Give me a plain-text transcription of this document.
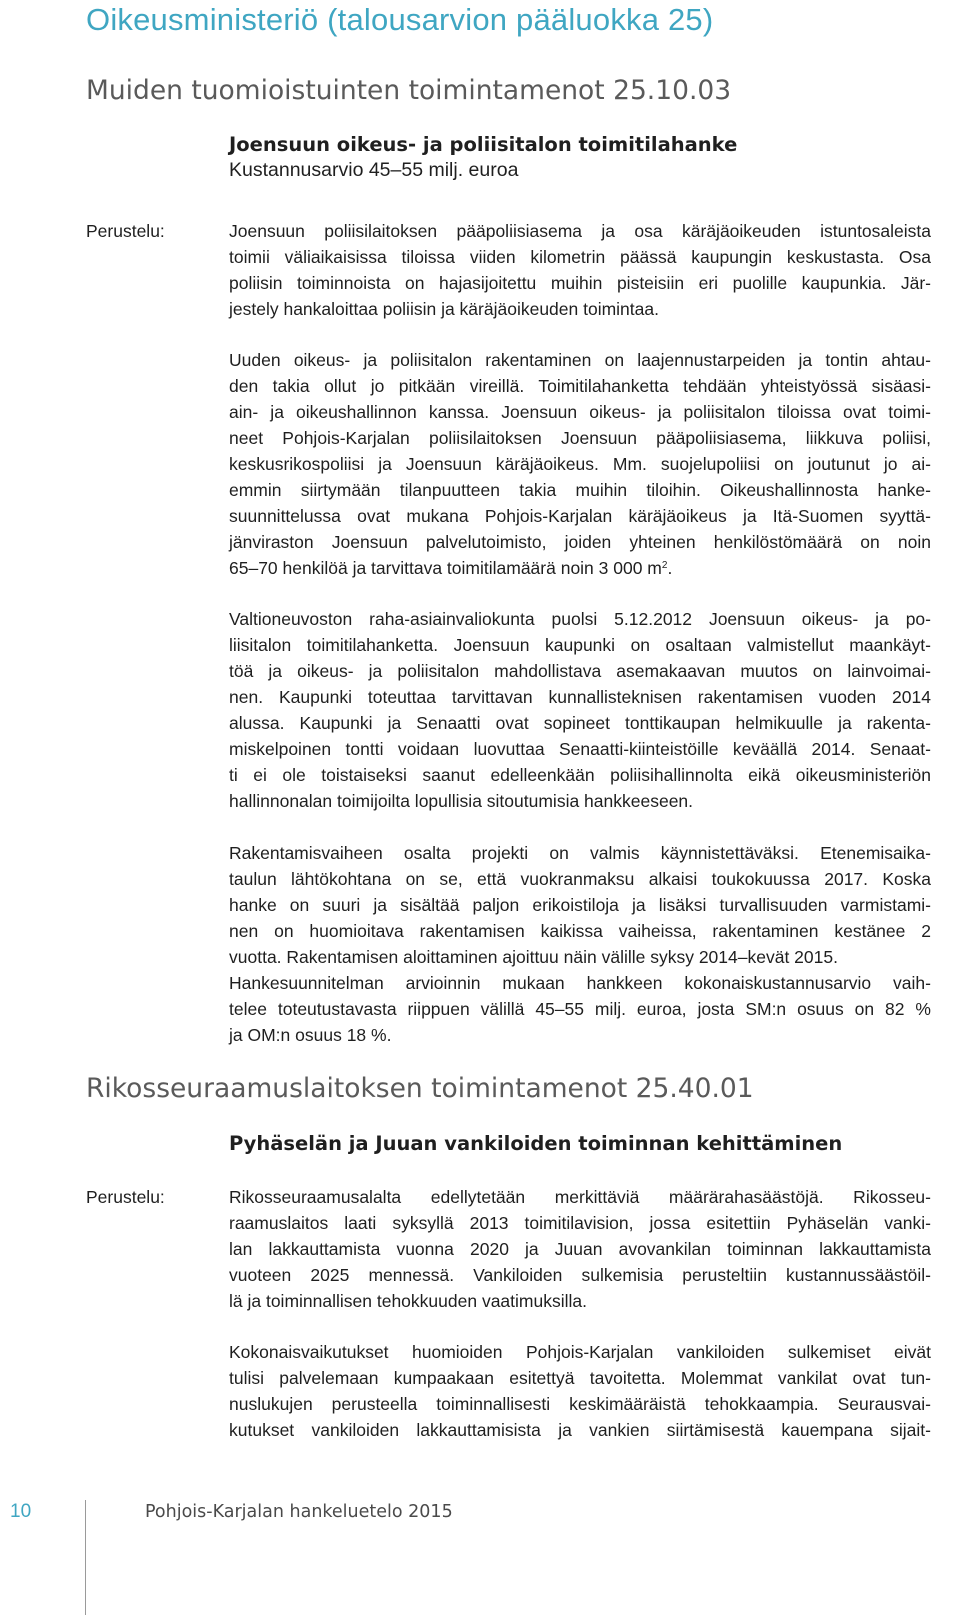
Oikeusministeriö (talousarvion pääluokka 25)
Muiden tuomioistuinten toimintamenot 25.10.03
Joensuun oikeus- ja poliisitalon toimitilahanke
Kustannusarvio 45–55 milj. euroa
Perustelu:	Joensuun poliisilaitoksen pääpoliisiasema ja osa käräjäoikeuden istuntosaleista
toimii väliaikaisissa tiloissa viiden kilometrin päässä kaupungin keskustasta. Osa
poliisin toiminnoista on hajasijoitettu muihin pisteisiin eri puolille kaupunkia. Jär-
jestely hankaloittaa poliisin ja käräjäoikeuden toimintaa.
Uuden oikeus- ja poliisitalon rakentaminen on laajennustarpeiden ja tontin ahtau-
den takia ollut jo pitkään vireillä. Toimitilahanketta tehdään yhteistyössä sisäasi-
ain- ja oikeushallinnon kanssa. Joensuun oikeus- ja poliisitalon tiloissa ovat toimi-
neet Pohjois-Karjalan poliisilaitoksen Joensuun pääpoliisiasema, liikkuva poliisi,
keskusrikospoliisi ja Joensuun käräjäoikeus. Mm. suojelupoliisi on joutunut jo ai-
emmin siirtymään tilanpuutteen takia muihin tiloihin. Oikeushallinnosta hanke-
suunnittelussa ovat mukana Pohjois-Karjalan käräjäoikeus ja Itä-Suomen syyttä-
jänviraston Joensuun palvelutoimisto, joiden yhteinen henkilöstömäärä on noin
65–70 henkilöä ja tarvittava toimitilamäärä noin 3 000 $m^2$.
Valtioneuvoston raha-asiainvaliokunta puolsi 5.12.2012 Joensuun oikeus- ja po-
liisitalon toimitilahanketta. Joensuun kaupunki on osaltaan valmistellut maankäyt-
töä ja oikeus- ja poliisitalon mahdollistava asemakaavan muutos on lainvoimai-
nen. Kaupunki toteuttaa tarvittavan kunnallisteknisen rakentamisen vuoden 2014
alussa. Kaupunki ja Senaatti ovat sopineet tonttikaupan helmikuulle ja rakenta-
miskelpoinen tontti voidaan luovuttaa Senaatti-kiinteistöille keväällä 2014. Senaat-
ti ei ole toistaiseksi saanut edelleenkään poliisihallinnolta eikä oikeusministeriön
hallinnonalan toimijoilta lopullisia sitoutumisia hankkeeseen.
Rakentamisvaiheen osalta projekti on valmis käynnistettäväksi. Etenemisaika-
taulun lähtökohtana on se, että vuokranmaksu alkaisi toukokuussa 2017. Koska
hanke on suuri ja sisältää paljon erikoistiloja ja lisäksi turvallisuuden varmistami-
nen on huomioitava rakentamisen kaikissa vaiheissa, rakentaminen kestänee 2
vuotta. Rakentamisen aloittaminen ajoittuu näin välille syksy 2014–kevät 2015.
Hankesuunnitelman arvioinnin mukaan hankkeen kokonaiskustannusarvio vaih-
telee toteutustavasta riippuen välillä 45–55 milj. euroa, josta SM:n osuus on 82 %
ja OM:n osuus 18 %.
Rikosseuraamuslaitoksen toimintamenot 25.40.01
Pyhäselän ja Juuan vankiloiden toiminnan kehittäminen
Perustelu:	Rikosseuraamusalalta edellytetään merkittäviä määrärahasäästöjä. Rikosseu-
raamuslaitos laati syksyllä 2013 toimitilavision, jossa esitettiin Pyhäselän vanki-
lan lakkauttamista vuonna 2020 ja Juuan avovankilan toiminnan lakkauttamista
vuoteen 2025 mennessä. Vankiloiden sulkemisia perusteltiin kustannussäästöil-
lä ja toiminnallisen tehokkuuden vaatimuksilla.
Kokonaisvaikutukset huomioiden Pohjois-Karjalan vankiloiden sulkemiset eivät
tulisi palvelemaan kumpaakaan esitettyä tavoitetta. Molemmat vankilat ovat tun-
nuslukujen perusteella toiminnallisesti keskimääräistä tehokkaampia. Seurausvai-
kutukset vankiloiden lakkauttamisista ja vankien siirtämisestä kauempana sijait-
10	Pohjois-Karjalan hankeluetelo 2015
